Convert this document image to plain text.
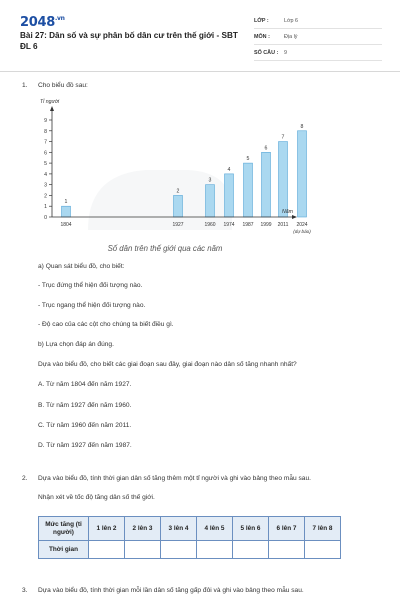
$2048^{.vn}$
Bài 27: Dân số và sự phân bố dân cư trên thế giới - SBT ĐL 6
LỚP :	Lớp 6
MÔN :	Địa lý
SỐ CÂU :	9
1. Cho biểu đồ sau:
0
1
2
3
4
5
6
7
8
9
1
1804
2
1927
3
1960
4
1974
5
1987
6
1999
7
2011
8
2024
Tỉ người
Năm
(dự báo)
Số dân trên thế giới qua các năm
a) Quan sát biểu đồ, cho biết:
- Trục đứng thể hiện đối tượng nào.
- Trục ngang thể hiện đối tượng nào.
- Độ cao của các cột cho chúng ta biết điều gì.
b) Lựa chọn đáp án đúng.
Dựa vào biểu đồ, cho biết các giai đoạn sau đây, giai đoạn nào dân số tăng nhanh nhất?
A. Từ năm 1804 đến năm 1927.
B. Từ năm 1927 đến năm 1960.
C. Từ năm 1960 đến năm 2011.
D. Từ năm 1927 đến năm 1987.
2. Dựa vào biểu đồ, tính thời gian dân số tăng thêm một tỉ người và ghi vào bảng theo mẫu sau.
Nhận xét về tốc độ tăng dân số thế giới.
Mức tăng (tỉ người)	1 lên 2	2 lên 3	3 lên 4	4 lên 5	5 lên 6	6 lên 7	7 lên 8
Thời gian							
3. Dựa vào biểu đồ, tính thời gian mỗi lần dân số tăng gấp đôi và ghi vào bảng theo mẫu sau.
